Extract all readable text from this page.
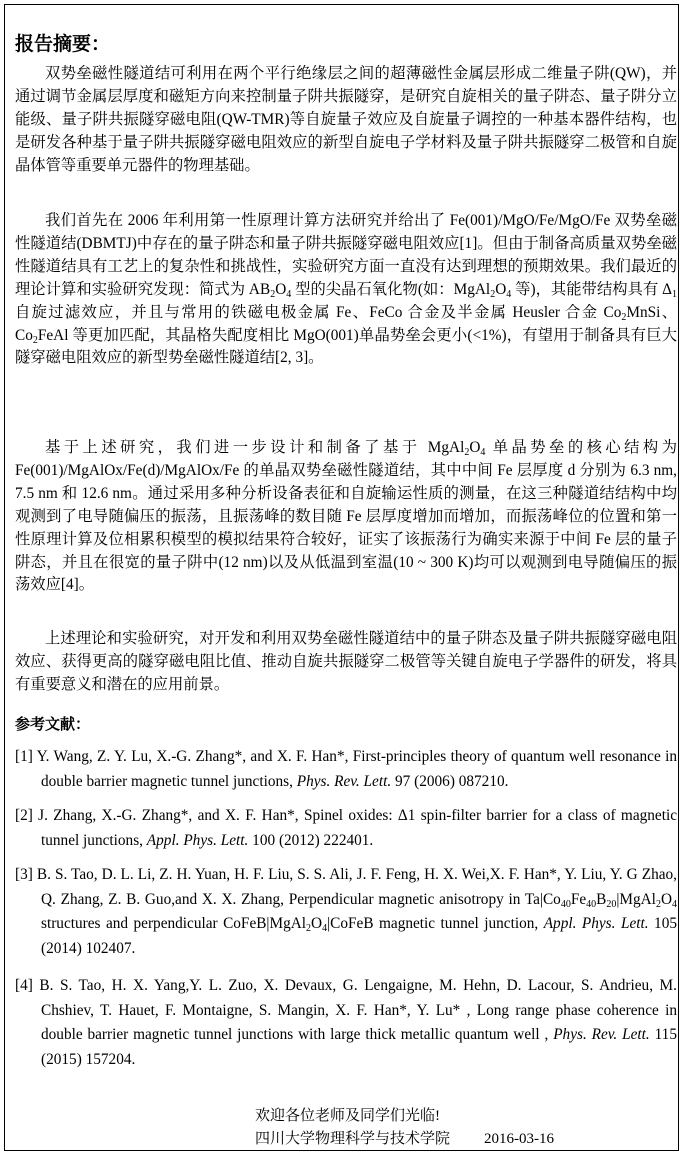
报告摘要：

双势垒磁性隧道结可利用在两个平行绝缘层之间的超薄磁性金属层形成二维量子阱(QW)，并通过调节金属层厚度和磁矩方向来控制量子阱共振隧穿，是研究自旋相关的量子阱态、量子阱分立能级、量子阱共振隧穿磁电阻(QW-TMR)等自旋量子效应及自旋量子调控的一种基本器件结构，也是研发各种基于量子阱共振隧穿磁电阻效应的新型自旋电子学材料及量子阱共振隧穿二极管和自旋晶体管等重要单元器件的物理基础。

我们首先在 2006 年利用第一性原理计算方法研究并给出了 Fe(001)/MgO/Fe/MgO/Fe 双势垒磁性隧道结(DBMTJ)中存在的量子阱态和量子阱共振隧穿磁电阻效应[1]。但由于制备高质量双势垒磁性隧道结具有工艺上的复杂性和挑战性，实验研究方面一直没有达到理想的预期效果。我们最近的理论计算和实验研究发现：简式为 $AB_2O_4$ 型的尖晶石氧化物(如：$MgAl_2O_4$ 等)，其能带结构具有 $\Delta_1$ 自旋过滤效应，并且与常用的铁磁电极金属 Fe、FeCo 合金及半金属 Heusler 合金 $Co_2MnSi$、$Co_2FeAl$ 等更加匹配，其晶格失配度相比 MgO(001)单晶势垒会更小(<1%)，有望用于制备具有巨大隧穿磁电阻效应的新型势垒磁性隧道结[2, 3]。

基于上述研究，我们进一步设计和制备了基于 $MgAl_2O_4$ 单晶势垒的核心结构为 Fe(001)/MgAlOx/Fe(d)/MgAlOx/Fe 的单晶双势垒磁性隧道结，其中中间 Fe 层厚度 d 分别为 6.3 nm, 7.5 nm 和 12.6 nm。通过采用多种分析设备表征和自旋输运性质的测量，在这三种隧道结结构中均观测到了电导随偏压的振荡，且振荡峰的数目随 Fe 层厚度增加而增加，而振荡峰位的位置和第一性原理计算及位相累积模型的模拟结果符合较好，证实了该振荡行为确实来源于中间 Fe 层的量子阱态，并且在很宽的量子阱中(12 nm)以及从低温到室温(10 ~ 300 K)均可以观测到电导随偏压的振荡效应[4]。

上述理论和实验研究，对开发和利用双势垒磁性隧道结中的量子阱态及量子阱共振隧穿磁电阻效应、获得更高的隧穿磁电阻比值、推动自旋共振隧穿二极管等关键自旋电子学器件的研发，将具有重要意义和潜在的应用前景。

参考文献：

[1] Y. Wang, Z. Y. Lu, X.-G. Zhang*, and X. F. Han*, First-principles theory of quantum well resonance in double barrier magnetic tunnel junctions, Phys. Rev. Lett. 97 (2006) 087210.

[2] J. Zhang, X.-G. Zhang*, and X. F. Han*, Spinel oxides: Δ1 spin-filter barrier for a class of magnetic tunnel junctions, Appl. Phys. Lett. 100 (2012) 222401.

[3] B. S. Tao, D. L. Li, Z. H. Yuan, H. F. Liu, S. S. Ali, J. F. Feng, H. X. Wei,X. F. Han*, Y. Liu, Y. G Zhao, Q. Zhang, Z. B. Guo,and X. X. Zhang, Perpendicular magnetic anisotropy in $Ta|Co_{40}Fe_{40}B_{20}|MgAl_2O_4$ structures and perpendicular $CoFeB|MgAl_2O_4|CoFeB$ magnetic tunnel junction, Appl. Phys. Lett. 105 (2014) 102407.

[4] B. S. Tao, H. X. Yang,Y. L. Zuo, X. Devaux, G. Lengaigne, M. Hehn, D. Lacour, S. Andrieu, M. Chshiev, T. Hauet, F. Montaigne, S. Mangin, X. F. Han*, Y. Lu* , Long range phase coherence in double barrier magnetic tunnel junctions with large thick metallic quantum well , Phys. Rev. Lett. 115 (2015) 157204.

欢迎各位老师及同学们光临!
四川大学物理科学与技术学院 2016-03-16
